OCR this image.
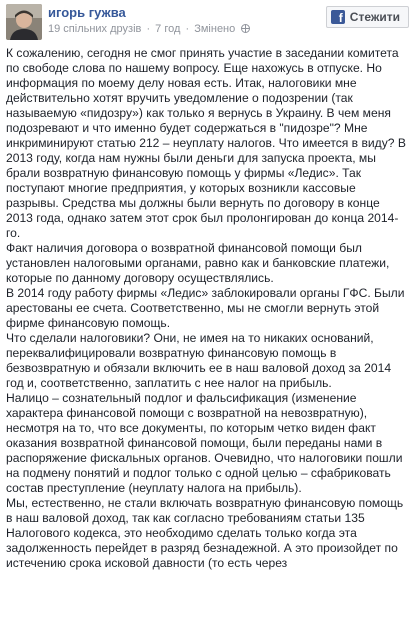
игорь гужва
19 спільних друзів · 7 год · Змінено
f Стежити

К сожалению, сегодня не смог принять участие в заседании комитета по свободе слова по нашему вопросу. Еще нахожусь в отпуске. Но информация по моему делу новая есть. Итак, налоговики мне действительно хотят вручить уведомление о подозрении (так называемую «пидозру») как только я вернусь в Украину. В чем меня подозревают и что именно будет содержаться в "пидозре"? Мне инкриминируют статью 212 – неуплату налогов. Что имеется в виду? В 2013 году, когда нам нужны были деньги для запуска проекта, мы брали возвратную финансовую помощь у фирмы «Ледис». Так поступают многие предприятия, у которых возникли кассовые разрывы. Средства мы должны были вернуть по договору в конце 2013 года, однако затем этот срок был пролонгирован до конца 2014-го.

Факт наличия договора о возвратной финансовой помощи был установлен налоговыми органами, равно как и банковские платежи, которые по данному договору осуществлялись.

В 2014 году работу фирмы «Ледис» заблокировали органы ГФС. Были арестованы ее счета. Соответственно, мы не смогли вернуть этой фирме финансовую помощь.

Что сделали налоговики? Они, не имея на то никаких оснований, переквалифицировали возвратную финансовую помощь в безвозвратную и обязали включить ее в наш валовой доход за 2014 год и, соответственно, заплатить с нее налог на прибыль.

Налицо – сознательный подлог и фальсификация (изменение характера финансовой помощи с возвратной на невозвратную), несмотря на то, что все документы, по которым четко виден факт оказания возвратной финансовой помощи, были переданы нами в распоряжение фискальных органов. Очевидно, что налоговики пошли на подмену понятий и подлог только с одной целью – сфабриковать состав преступление (неуплату налога на прибыль).

Мы, естественно, не стали включать возвратную финансовую помощь в наш валовой доход, так как согласно требованиям статьи 135 Налогового кодекса, это необходимо сделать только когда эта задолженность перейдет в разряд безнадежной. А это произойдет по истечению срока исковой давности (то есть через
